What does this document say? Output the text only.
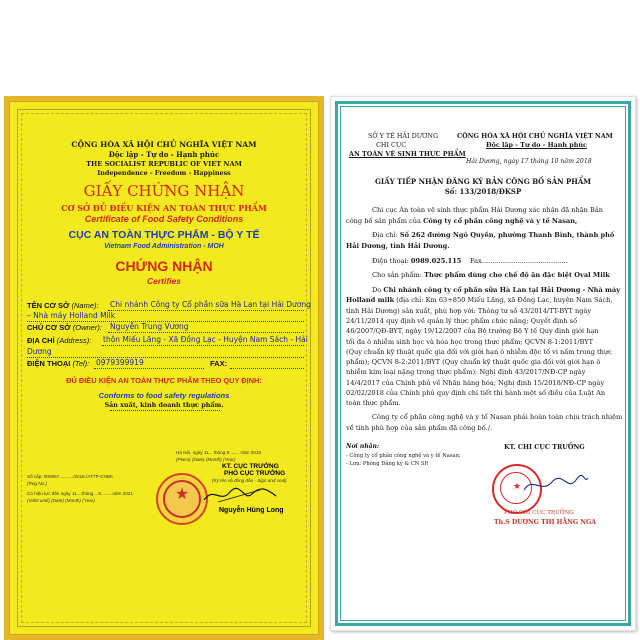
CỘNG HÒA XÃ HỘI CHỦ NGHĨA VIỆT NAM
Độc lập - Tự do - Hạnh phúc
THE SOCIALIST REPUBLIC OF VIET NAM
Independence - Freedom - Happiness
GIẤY CHỨNG NHẬN
CƠ SỞ ĐỦ ĐIỀU KIỆN AN TOÀN THỰC PHẨM
Certificate of Food Safety Conditions
CỤC AN TOÀN THỰC PHẨM - BỘ Y TẾ
Vietnam Food Administration - MOH
CHỨNG NHẬN
Certifies
TÊN CƠ SỞ (Name): Chi nhánh Công ty Cổ phần sữa Hà Lan tại Hải Dương
– Nhà máy Holland Milk
CHỦ CƠ SỞ (Owner): Nguyễn Trung Vương
ĐỊA CHỈ (Address): thôn Miếu Lãng - Xã Đồng Lạc - Huyện Nam Sách - Hải
Dương
ĐIỆN THOẠI (Tel): 0979399919	FAX:
ĐỦ ĐIỀU KIỆN AN TOÀN THỰC PHẨM THEO QUY ĐỊNH:
Conforms to food safety regulations
Sản xuất, kinh doanh thực phẩm.
Hà Nội, ngày 11... tháng 8........ năm 2018
(Place) (Date) (Month) (Year)
KT. CỤC TRƯỞNG
PHÓ CỤC TRƯỞNG
(Ký tên và đóng dấu - Sign and seal)
Số cấp: 000867.........../2018./ATTP-CNĐK
(Reg.No.)
Có hiệu lực đến ngày 11....tháng....8.........năm 2021
(Valid until) (Date) (Month) (Year)	★
Nguyễn Hùng Long
SỞ Y TẾ HẢI DƯƠNG
CHI CỤC
AN TOÀN VỆ SINH THỰC PHẨM
CỘNG HÒA XÃ HỘI CHỦ NGHĨA VIỆT NAM
Độc lập - Tự do - Hạnh phúc
Hải Dương, ngày 17 tháng 10 năm 2018
GIẤY TIẾP NHẬN ĐĂNG KÝ BẢN CÔNG BỐ SẢN PHẨM
Số: 133/2018/ĐKSP
Chi cục An toàn vệ sinh thực phẩm Hải Dương xác nhận đã nhận Bản
công bố sản phẩm của Công ty cổ phần công nghệ và y tế Nasan,
Địa chỉ: Số 262 đường Ngô Quyền, phường Thanh Bình, thành phố
Hải Dương, tỉnh Hải Dương.
Điện thoại: 0989.025.115 Fax.........................................
Cho sản phẩm: Thực phẩm dùng cho chế độ ăn đặc biệt Oval Milk
Do Chi nhánh công ty cổ phần sữa Hà Lan tại Hải Dương - Nhà máy
Holland milk (địa chỉ: Km 63+850 Miếu Lãng, xã Đồng Lạc, huyện Nam Sách,
tỉnh Hải Dương) sản xuất, phù hợp với: Thông tư số 43/2014/TT-BYT ngày
24/11/2014 quy định về quản lý thực phẩm chức năng; Quyết định số
46/2007/QĐ-BYT, ngày 19/12/2007 của Bộ trưởng Bộ Y tế Quy định giới hạn
tối đa ô nhiễm sinh học và hóa học trong thực phẩm; QCVN 8-1:2011/BYT
(Quy chuẩn kỹ thuật quốc gia đối với giới hạn ô nhiễm độc tố vi nấm trong thực
phẩm); QCVN 8-2:2011/BYT (Quy chuẩn kỹ thuật quốc gia đối với giới hạn ô
nhiễm kim loại nặng trong thực phẩm); Nghị định 43/2017/NĐ-CP ngày
14/4/2017 của Chính phủ về Nhãn hàng hóa; Nghị định 15/2018/NĐ-CP ngày
02/02/2018 của Chính phủ quy định chi tiết thi hành một số điều của Luật An
toàn thực phẩm.
Công ty cổ phần công nghệ và y tế Nasan phải hoàn toàn chịu trách nhiệm
về tính phù hợp của sản phẩm đã công bố./.
Nơi nhận:
- Công ty cổ phần công nghệ và y tế Nasan;
- Lưu: Phòng Đăng ký & CN SP.
KT. CHI CỤC TRƯỞNG
★
PHÓ CHI CỤC TRƯỞNG
Th.S DƯƠNG THỊ HẰNG NGA
